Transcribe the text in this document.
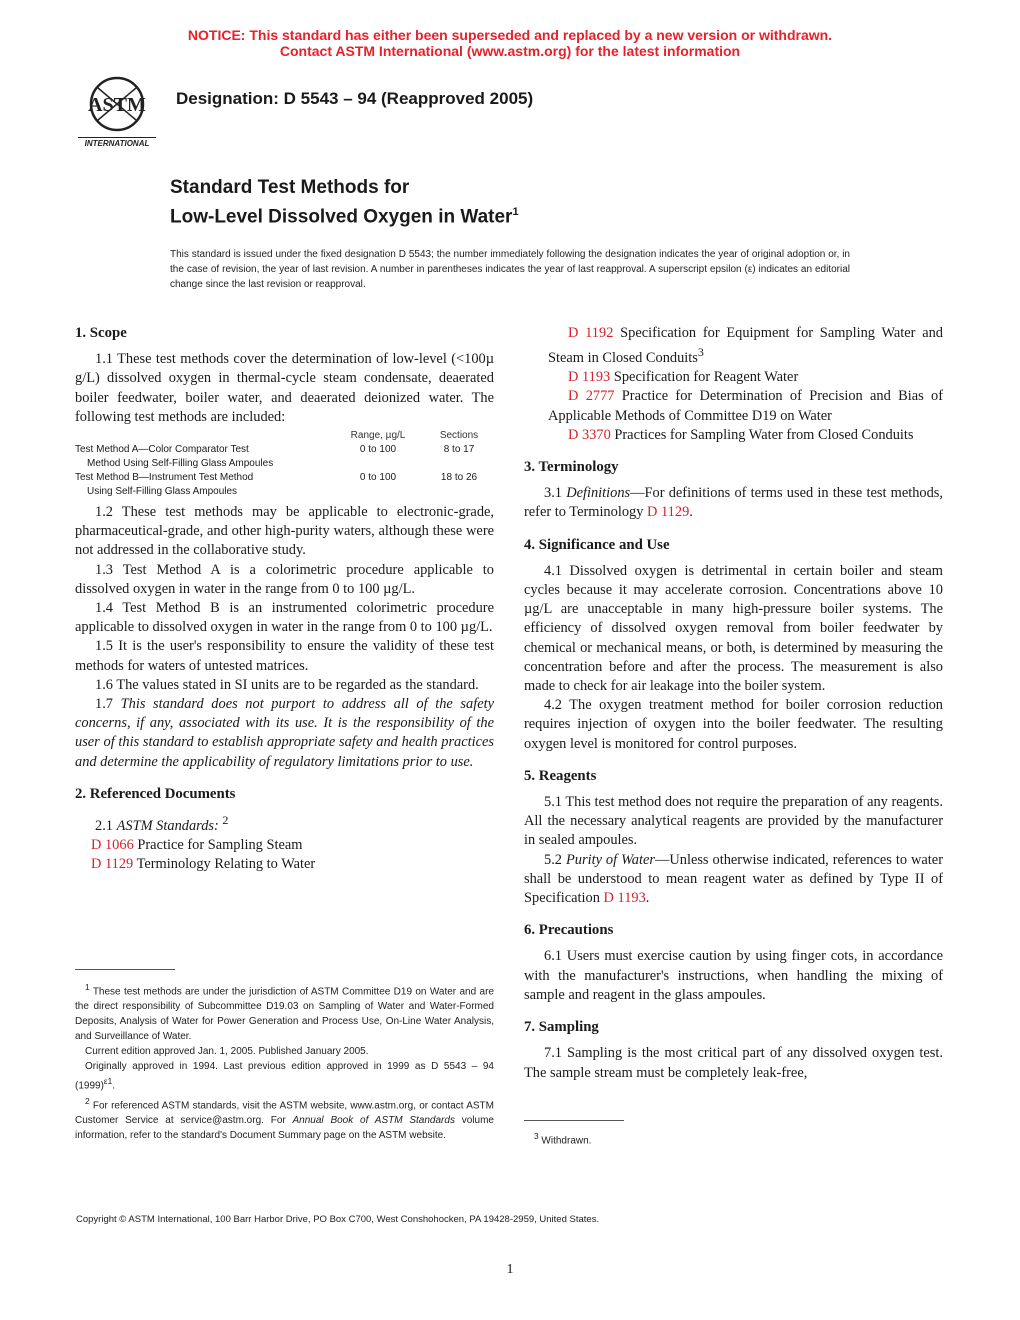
NOTICE: This standard has either been superseded and replaced by a new version or withdrawn.
Contact ASTM International (www.astm.org) for the latest information
ASTM
INTERNATIONAL
Designation: D 5543 – 94 (Reapproved 2005)
Standard Test Methods for
Low-Level Dissolved Oxygen in Water$^1$
This standard is issued under the fixed designation D 5543; the number immediately following the designation indicates the year of original adoption or, in the case of revision, the year of last revision. A number in parentheses indicates the year of last reapproval. A superscript epsilon (ε) indicates an editorial change since the last revision or reapproval.
1. Scope

1.1 These test methods cover the determination of low-level (<100µ g/L) dissolved oxygen in thermal-cycle steam condensate, deaerated boiler feedwater, boiler water, and deaerated deionized water. The following test methods are included:

	Range, µg/L	Sections

Test Method A—Color Comparator Test
Method Using Self-Filling Glass Ampoules	0 to 100	8 to 17

Test Method B—Instrument Test Method
Using Self-Filling Glass Ampoules	0 to 100	18 to 26

1.2 These test methods may be applicable to electronic-grade, pharmaceutical-grade, and other high-purity waters, although these were not addressed in the collaborative study.

1.3 Test Method A is a colorimetric procedure applicable to dissolved oxygen in water in the range from 0 to 100 µg/L.

1.4 Test Method B is an instrumented colorimetric procedure applicable to dissolved oxygen in water in the range from 0 to 100 µg/L.

1.5 It is the user's responsibility to ensure the validity of these test methods for waters of untested matrices.

1.6 The values stated in SI units are to be regarded as the standard.

1.7 This standard does not purport to address all of the safety concerns, if any, associated with its use. It is the responsibility of the user of this standard to establish appropriate safety and health practices and determine the applicability of regulatory limitations prior to use.

2. Referenced Documents

2.1 ASTM Standards: $^2$

D 1066 Practice for Sampling Steam

D 1129 Terminology Relating to Water

$^1$ These test methods are under the jurisdiction of ASTM Committee D19 on Water and are the direct responsibility of Subcommittee D19.03 on Sampling of Water and Water-Formed Deposits, Analysis of Water for Power Generation and Process Use, On-Line Water Analysis, and Surveillance of Water.

Current edition approved Jan. 1, 2005. Published January 2005.

Originally approved in 1994. Last previous edition approved in 1999 as D 5543 – 94 $(1999)^{\varepsilon 1}$.

$^2$ For referenced ASTM standards, visit the ASTM website, www.astm.org, or contact ASTM Customer Service at service@astm.org. For Annual Book of ASTM Standards volume information, refer to the standard's Document Summary page on the ASTM website.

D 1192 Specification for Equipment for Sampling Water and Steam in Closed Conduits$^3$

D 1193 Specification for Reagent Water

D 2777 Practice for Determination of Precision and Bias of Applicable Methods of Committee D19 on Water

D 3370 Practices for Sampling Water from Closed Conduits

3. Terminology

3.1 Definitions—For definitions of terms used in these test methods, refer to Terminology D 1129.

4. Significance and Use

4.1 Dissolved oxygen is detrimental in certain boiler and steam cycles because it may accelerate corrosion. Concentrations above 10 µg/L are unacceptable in many high-pressure boiler systems. The efficiency of dissolved oxygen removal from boiler feedwater by chemical or mechanical means, or both, is determined by measuring the concentration before and after the process. The measurement is also made to check for air leakage into the boiler system.

4.2 The oxygen treatment method for boiler corrosion reduction requires injection of oxygen into the boiler feedwater. The resulting oxygen level is monitored for control purposes.

5. Reagents

5.1 This test method does not require the preparation of any reagents. All the necessary analytical reagents are provided by the manufacturer in sealed ampoules.

5.2 Purity of Water—Unless otherwise indicated, references to water shall be understood to mean reagent water as defined by Type II of Specification D 1193.

6. Precautions

6.1 Users must exercise caution by using finger cots, in accordance with the manufacturer's instructions, when handling the mixing of sample and reagent in the glass ampoules.

7. Sampling

7.1 Sampling is the most critical part of any dissolved oxygen test. The sample stream must be completely leak-free,

$^3$ Withdrawn.

Copyright © ASTM International, 100 Barr Harbor Drive, PO Box C700, West Conshohocken, PA 19428-2959, United States.
1
